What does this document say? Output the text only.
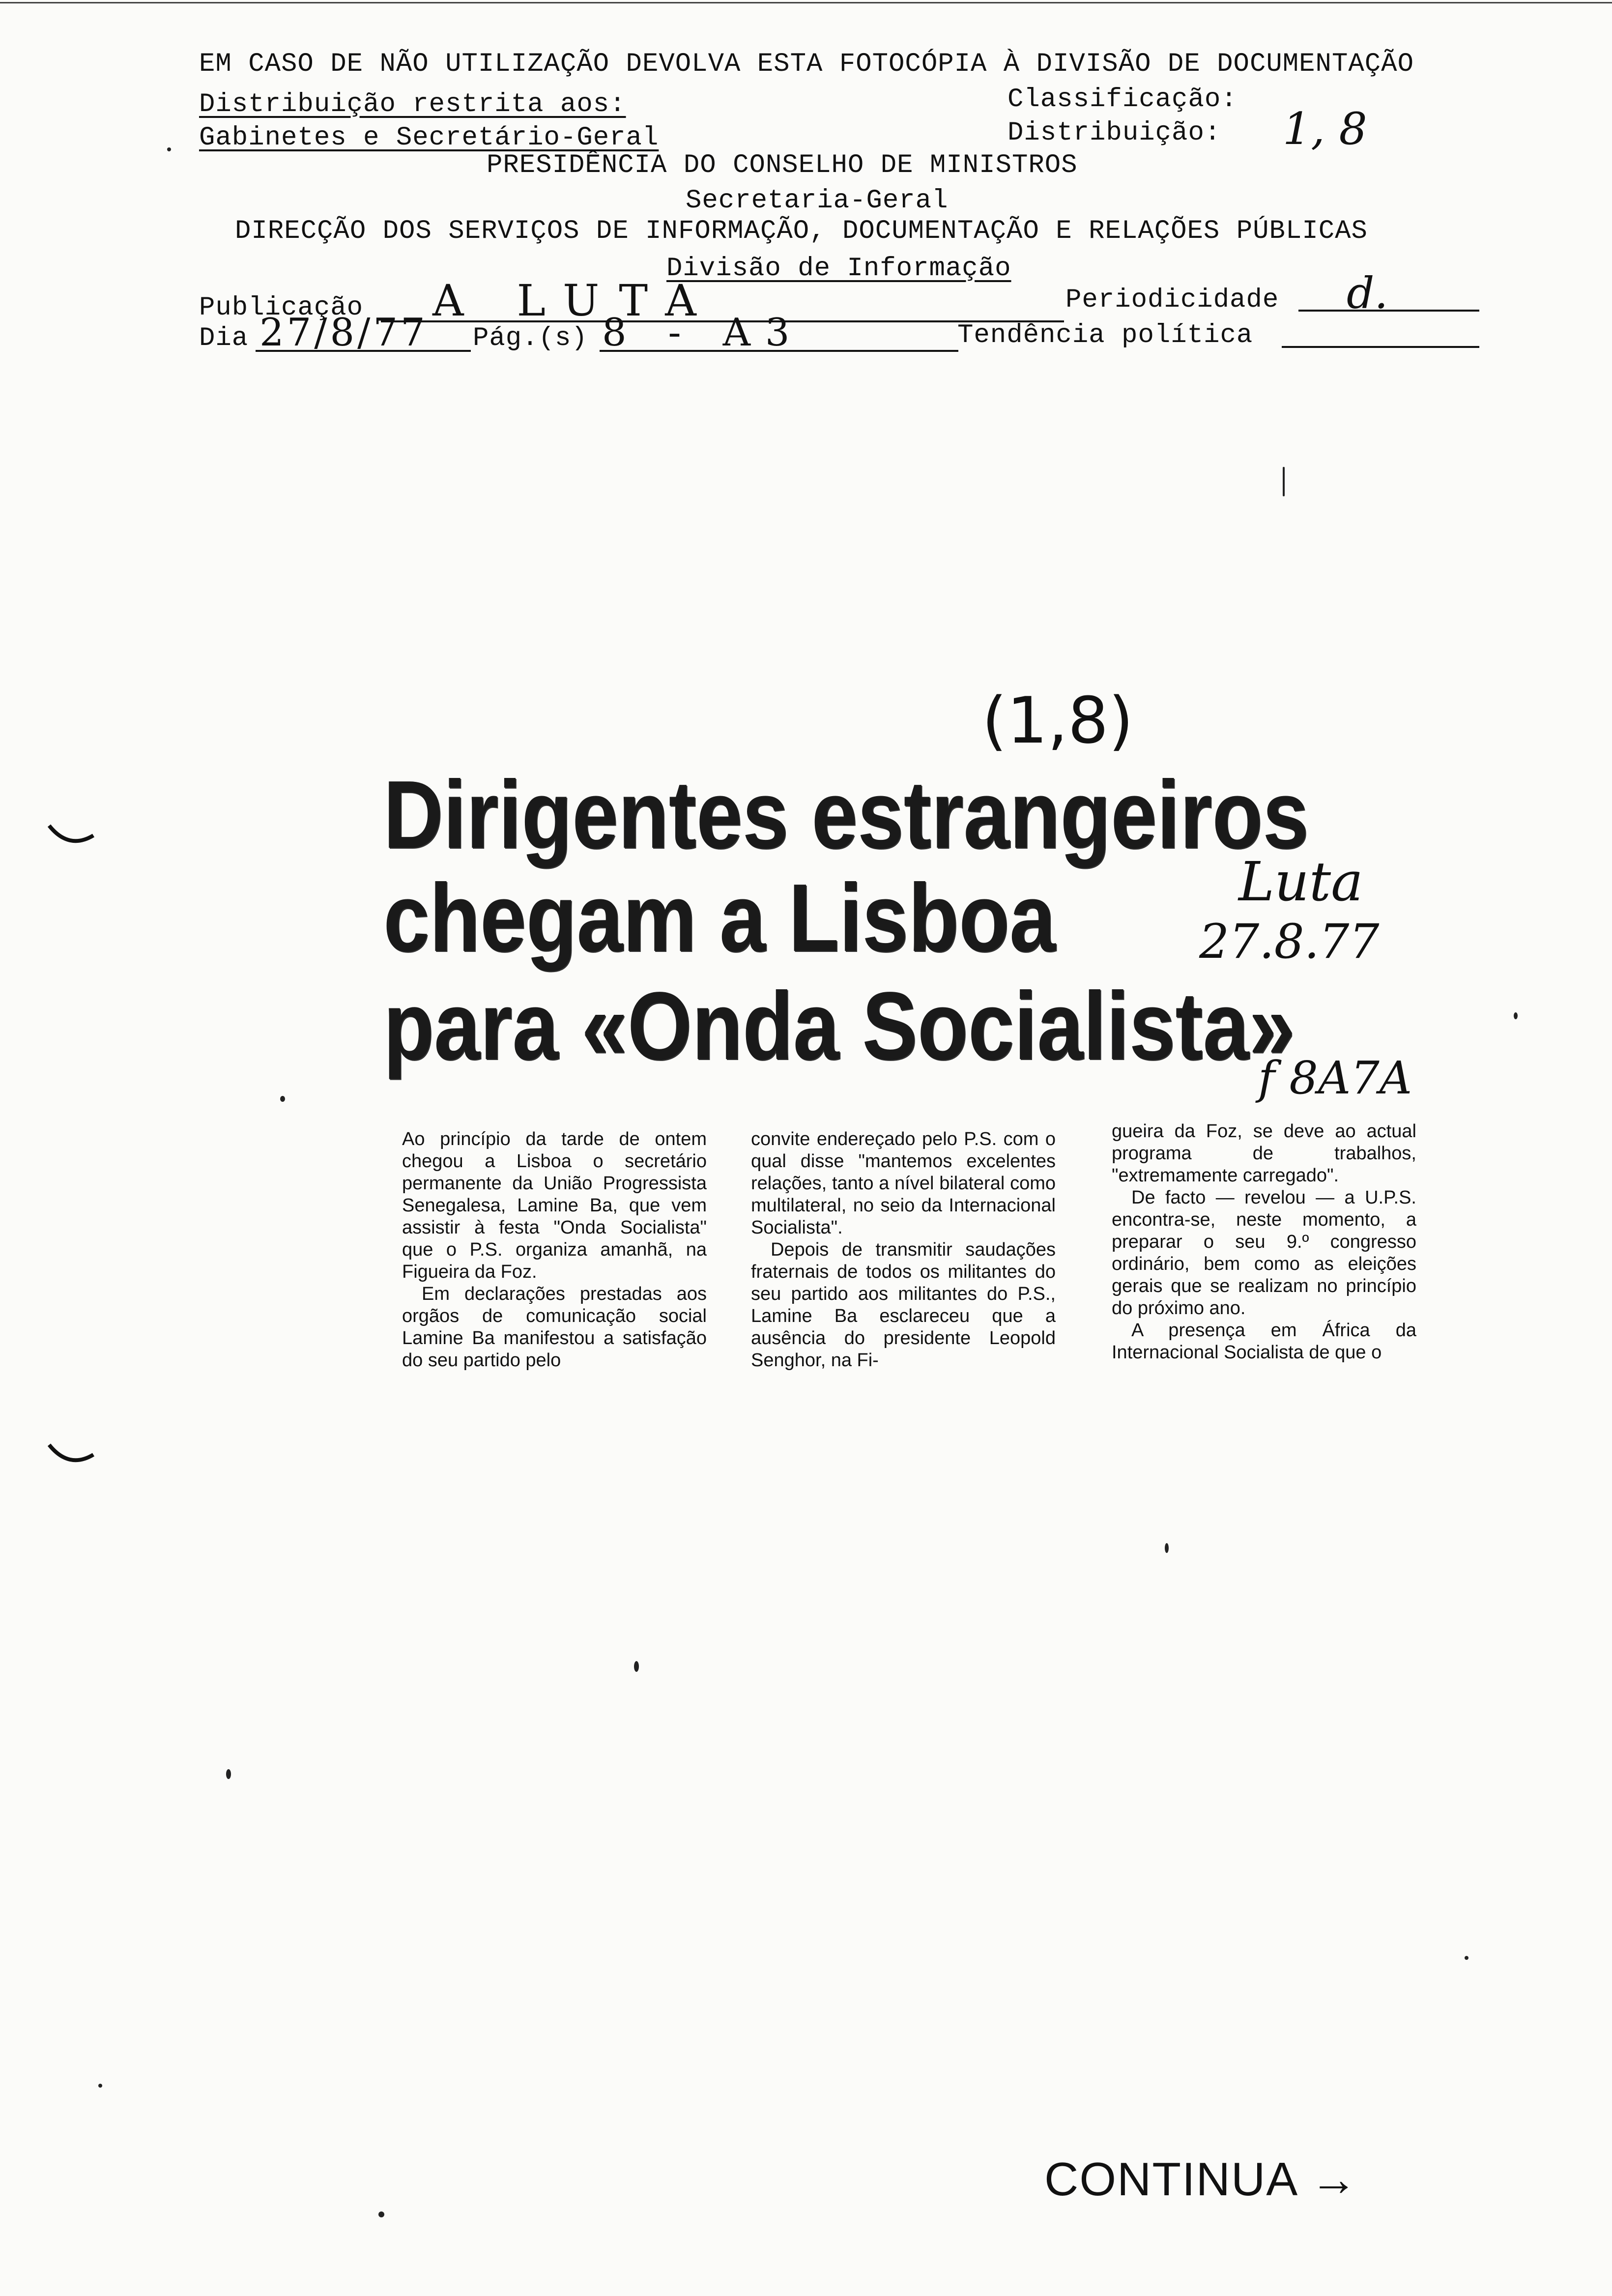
EM CASO DE NÃO UTILIZAÇÃO DEVOLVA ESTA FOTOCÓPIA À DIVISÃO DE DOCUMENTAÇÃO
Distribuição restrita aos:	Classificação:
Gabinetes e Secretário-Geral	Distribuição: 1, 8
PRESIDÊNCIA DO CONSELHO DE MINISTROS
Secretaria-Geral
DIRECÇÃO DOS SERVIÇOS DE INFORMAÇÃO, DOCUMENTAÇÃO E RELAÇÕES PÚBLICAS
Divisão de Informação
Publicação A LUTA	Periodicidade d.
Dia 27/8/77 Pág.(s) 8 - A3	Tendência política
(1,8)
Luta
27.8.77
f 8A7A
Dirigentes estrangeiros
chegam a Lisboa
para «Onda Socialista»

Ao princípio da tarde de ontem chegou a Lisboa o secretário permanente da União Progressista Senegalesa, Lamine Ba, que vem assistir à festa "Onda Socialista" que o P.S. organiza amanhã, na Figueira da Foz.

Em declarações prestadas aos orgãos de comunicação social Lamine Ba manifestou a satisfação do seu partido pelo

convite endereçado pelo P.S. com o qual disse "mantemos excelentes relações, tanto a nível bilateral como multilateral, no seio da Internacional Socialista".

Depois de transmitir saudações fraternais de todos os militantes do seu partido aos militantes do P.S., Lamine Ba esclareceu que a ausência do presidente Leopold Senghor, na Fi-

gueira da Foz, se deve ao actual programa de trabalhos, "extremamente carregado".

De facto — revelou — a U.P.S. encontra-se, neste momento, a preparar o seu 9.º congresso ordinário, bem como as eleições gerais que se realizam no princípio do próximo ano.

A presença em África da Internacional Socialista de que o

CONTINUA →
